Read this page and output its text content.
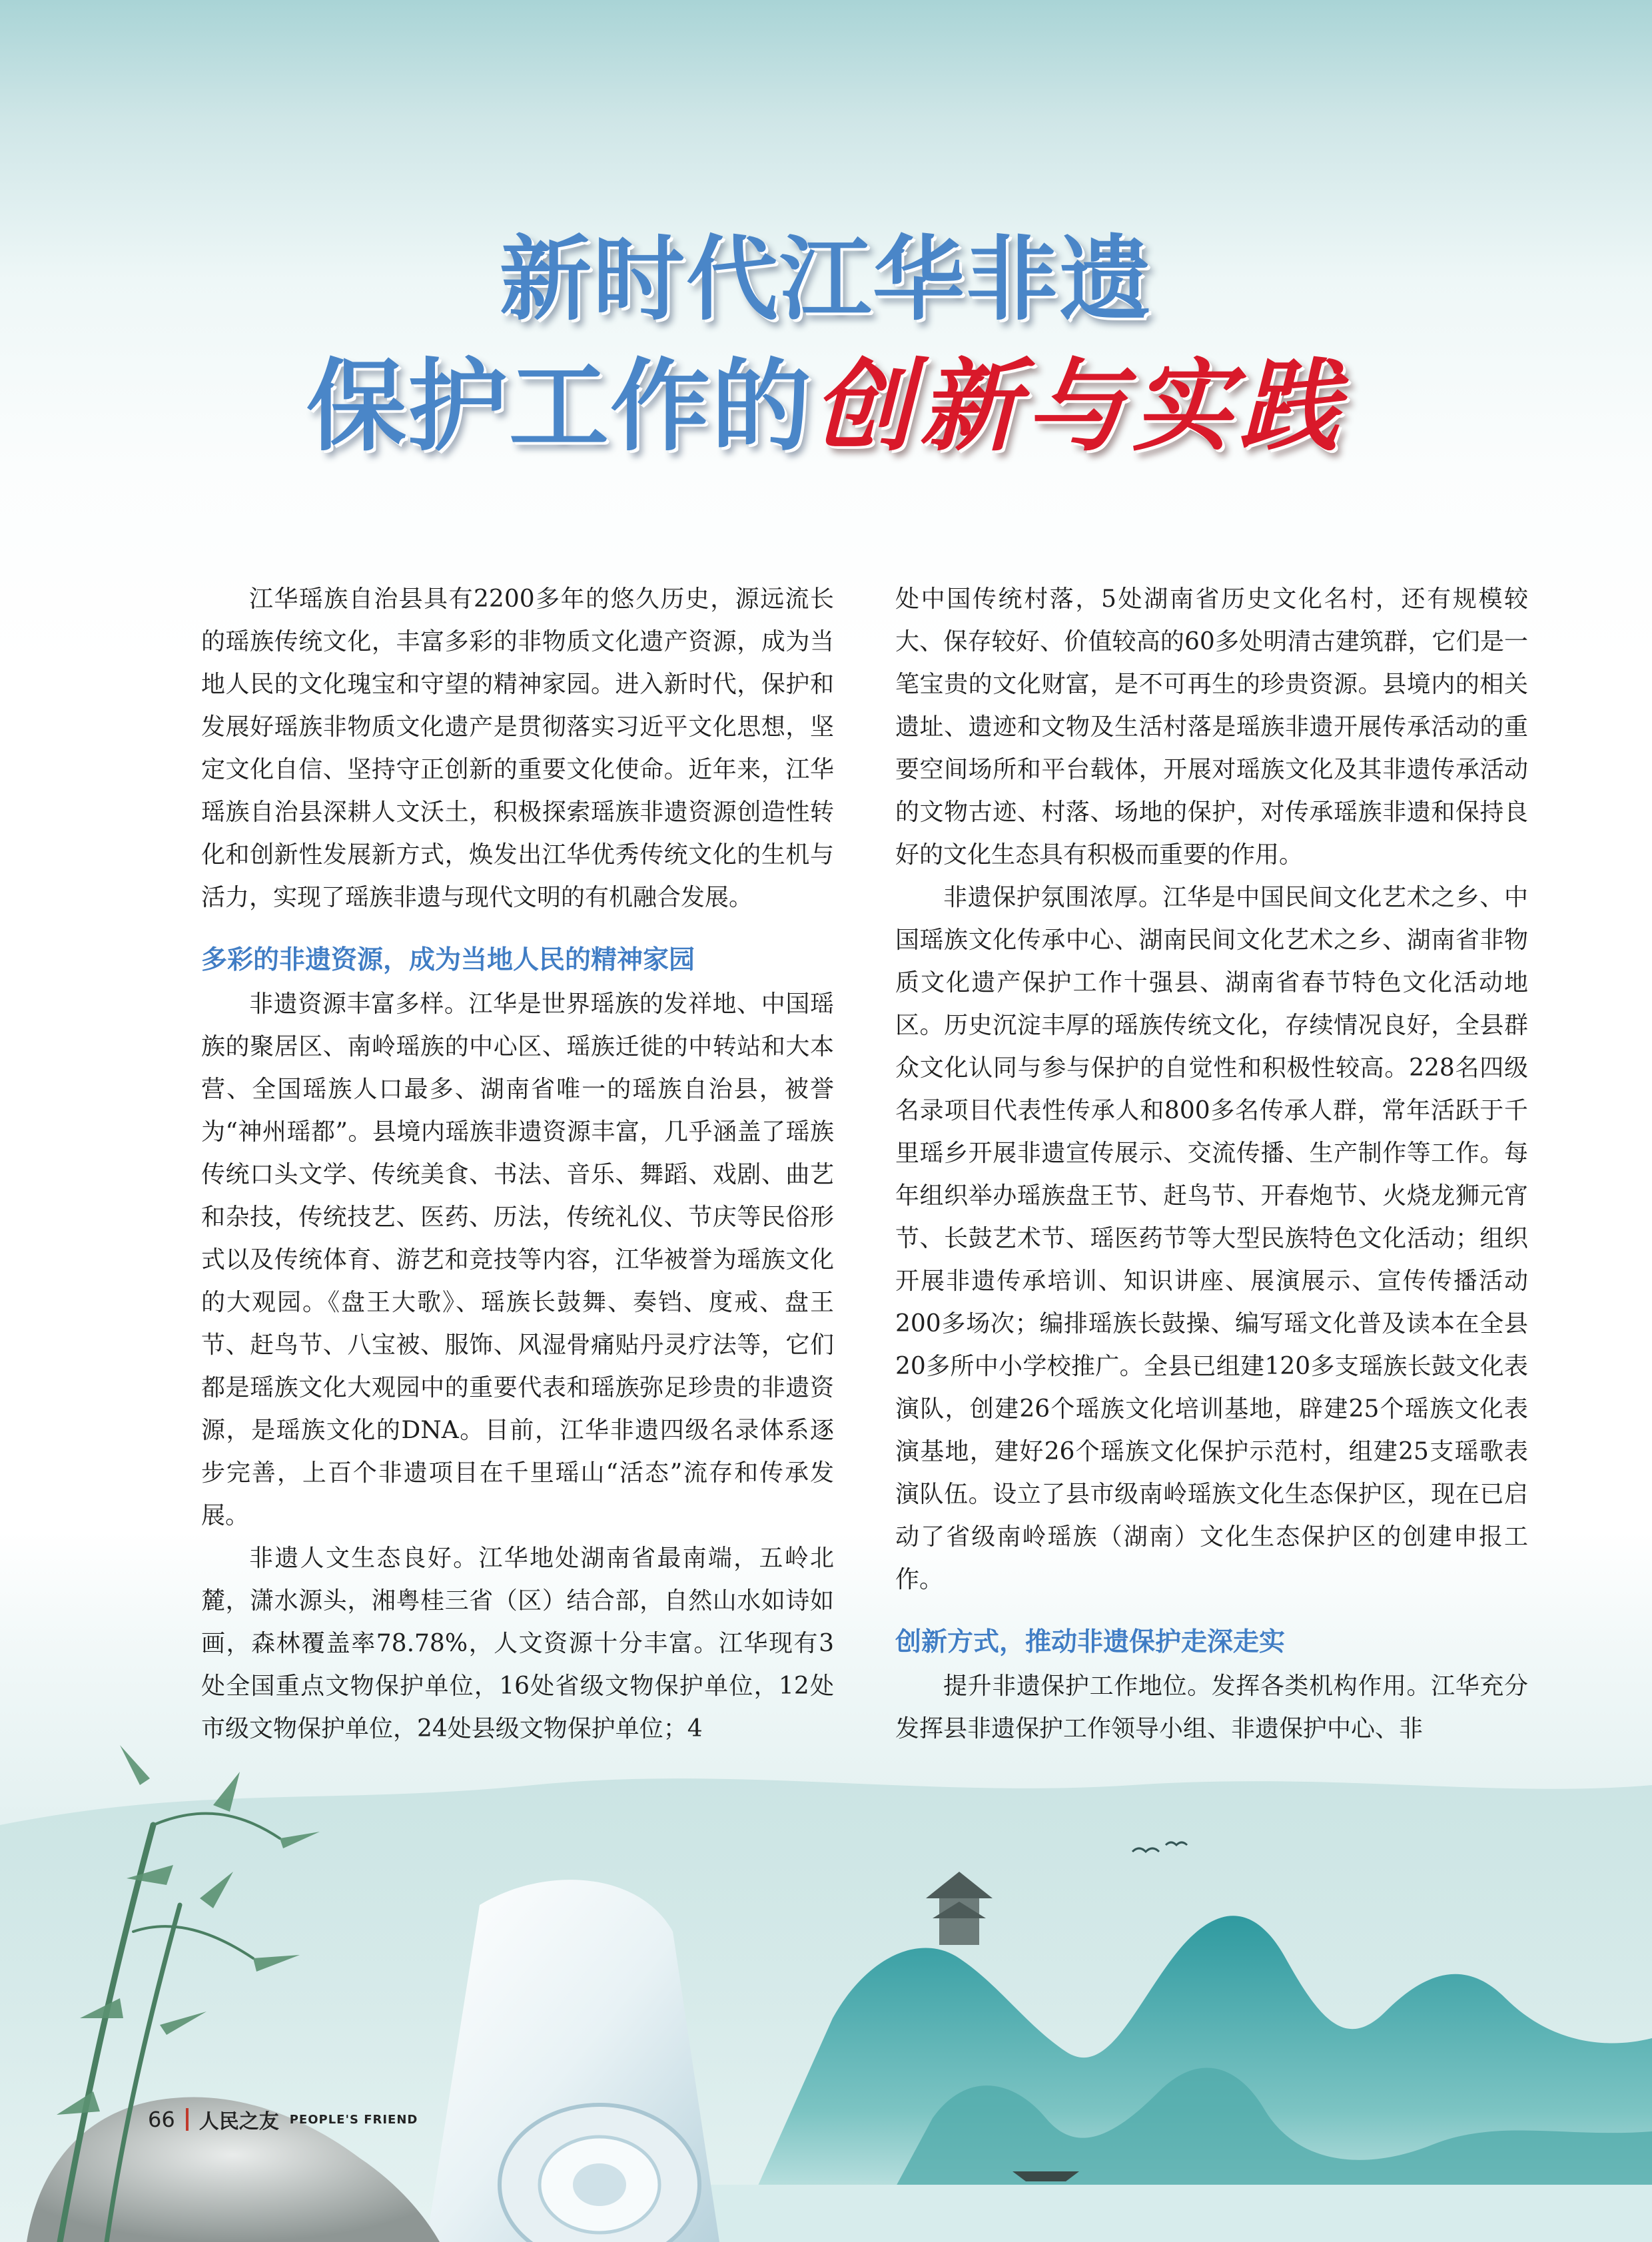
新时代江华非遗
保护工作的创新与实践

江华瑶族自治县具有2200多年的悠久历史，源远流长的瑶族传统文化，丰富多彩的非物质文化遗产资源，成为当地人民的文化瑰宝和守望的精神家园。进入新时代，保护和发展好瑶族非物质文化遗产是贯彻落实习近平文化思想，坚定文化自信、坚持守正创新的重要文化使命。近年来，江华瑶族自治县深耕人文沃土，积极探索瑶族非遗资源创造性转化和创新性发展新方式，焕发出江华优秀传统文化的生机与活力，实现了瑶族非遗与现代文明的有机融合发展。

多彩的非遗资源，成为当地人民的精神家园

非遗资源丰富多样。江华是世界瑶族的发祥地、中国瑶族的聚居区、南岭瑶族的中心区、瑶族迁徙的中转站和大本营、全国瑶族人口最多、湖南省唯一的瑶族自治县，被誉为“神州瑶都”。县境内瑶族非遗资源丰富，几乎涵盖了瑶族传统口头文学、传统美食、书法、音乐、舞蹈、戏剧、曲艺和杂技，传统技艺、医药、历法，传统礼仪、节庆等民俗形式以及传统体育、游艺和竞技等内容，江华被誉为瑶族文化的大观园。《盘王大歌》、瑶族长鼓舞、奏铛、度戒、盘王节、赶鸟节、八宝被、服饰、风湿骨痛贴丹灵疗法等，它们都是瑶族文化大观园中的重要代表和瑶族弥足珍贵的非遗资源，是瑶族文化的DNA。目前，江华非遗四级名录体系逐步完善，上百个非遗项目在千里瑶山“活态”流存和传承发展。

非遗人文生态良好。江华地处湖南省最南端，五岭北麓，潇水源头，湘粤桂三省（区）结合部，自然山水如诗如画，森林覆盖率78.78%，人文资源十分丰富。江华现有3处全国重点文物保护单位，16处省级文物保护单位，12处市级文物保护单位，24处县级文物保护单位；4

处中国传统村落，5处湖南省历史文化名村，还有规模较大、保存较好、价值较高的60多处明清古建筑群，它们是一笔宝贵的文化财富，是不可再生的珍贵资源。县境内的相关遗址、遗迹和文物及生活村落是瑶族非遗开展传承活动的重要空间场所和平台载体，开展对瑶族文化及其非遗传承活动的文物古迹、村落、场地的保护，对传承瑶族非遗和保持良好的文化生态具有积极而重要的作用。

非遗保护氛围浓厚。江华是中国民间文化艺术之乡、中国瑶族文化传承中心、湖南民间文化艺术之乡、湖南省非物质文化遗产保护工作十强县、湖南省春节特色文化活动地区。历史沉淀丰厚的瑶族传统文化，存续情况良好，全县群众文化认同与参与保护的自觉性和积极性较高。228名四级名录项目代表性传承人和800多名传承人群，常年活跃于千里瑶乡开展非遗宣传展示、交流传播、生产制作等工作。每年组织举办瑶族盘王节、赶鸟节、开春炮节、火烧龙狮元宵节、长鼓艺术节、瑶医药节等大型民族特色文化活动；组织开展非遗传承培训、知识讲座、展演展示、宣传传播活动200多场次；编排瑶族长鼓操、编写瑶文化普及读本在全县20多所中小学校推广。全县已组建120多支瑶族长鼓文化表演队，创建26个瑶族文化培训基地，辟建25个瑶族文化表演基地，建好26个瑶族文化保护示范村，组建25支瑶歌表演队伍。设立了县市级南岭瑶族文化生态保护区，现在已启动了省级南岭瑶族（湖南）文化生态保护区的创建申报工作。

创新方式，推动非遗保护走深走实

提升非遗保护工作地位。发挥各类机构作用。江华充分发挥县非遗保护工作领导小组、非遗保护中心、非

66 人民之友 PEOPLE'S FRIEND
